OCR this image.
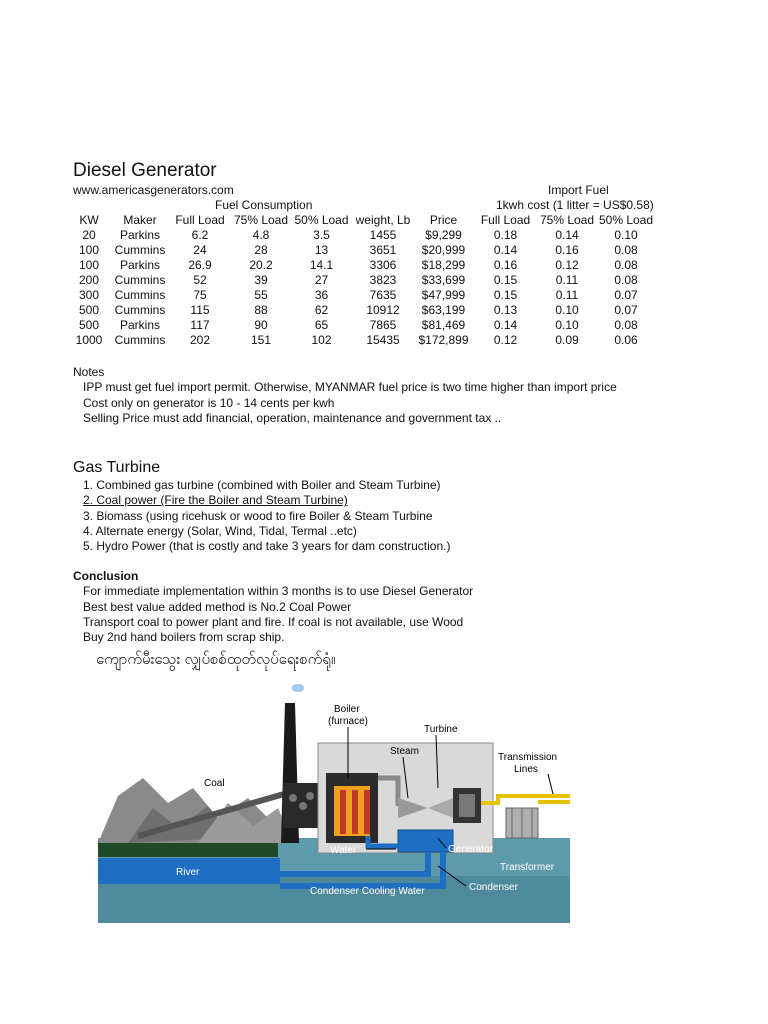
Diesel Generator
www.americasgenerators.com	Import Fuel
Fuel Consumption	1kwh cost (1 litter = US$0.58)
KW	Maker	Full Load	75% Load	50% Load	weight, Lb	Price	Full Load	75% Load	50% Load
20	Parkins	6.2	4.8	3.5	1455	$9,299	0.18	0.14	0.10
100	Cummins	24	28	13	3651	$20,999	0.14	0.16	0.08
100	Parkins	26.9	20.2	14.1	3306	$18,299	0.16	0.12	0.08
200	Cummins	52	39	27	3823	$33,699	0.15	0.11	0.08
300	Cummins	75	55	36	7635	$47,999	0.15	0.11	0.07
500	Cummins	115	88	62	10912	$63,199	0.13	0.10	0.07
500	Parkins	117	90	65	7865	$81,469	0.14	0.10	0.08
1000	Cummins	202	151	102	15435	$172,899	0.12	0.09	0.06
Notes
IPP must get fuel import permit. Otherwise, MYANMAR fuel price is two time higher than import price
Cost only on generator is 10 - 14 cents per kwh
Selling Price must add financial, operation, maintenance and government tax ..
Gas Turbine
1. Combined gas turbine (combined with Boiler and Steam Turbine)
2. Coal power (Fire the Boiler and Steam Turbine)
3. Biomass (using ricehusk or wood to fire Boiler & Steam Turbine
4. Alternate energy (Solar, Wind, Tidal, Termal ..etc)
5. Hydro Power (that is costly and take 3 years for dam construction.)
Conclusion
For immediate implementation within 3 months is to use Diesel Generator
Best best value added method is No.2 Coal Power
Transport coal to power plant and fire. If coal is not available, use Wood
Buy 2nd hand boilers from scrap ship.
ကျောက်မီးသွေး လျှပ်စစ်ထုတ်လုပ်ရေးစက်ရုံ။
Boiler
(furnace)
Turbine
Steam
Transmission
Lines
Coal
Water	Generator
Transformer
River
Condenser
Condenser Cooling Water
